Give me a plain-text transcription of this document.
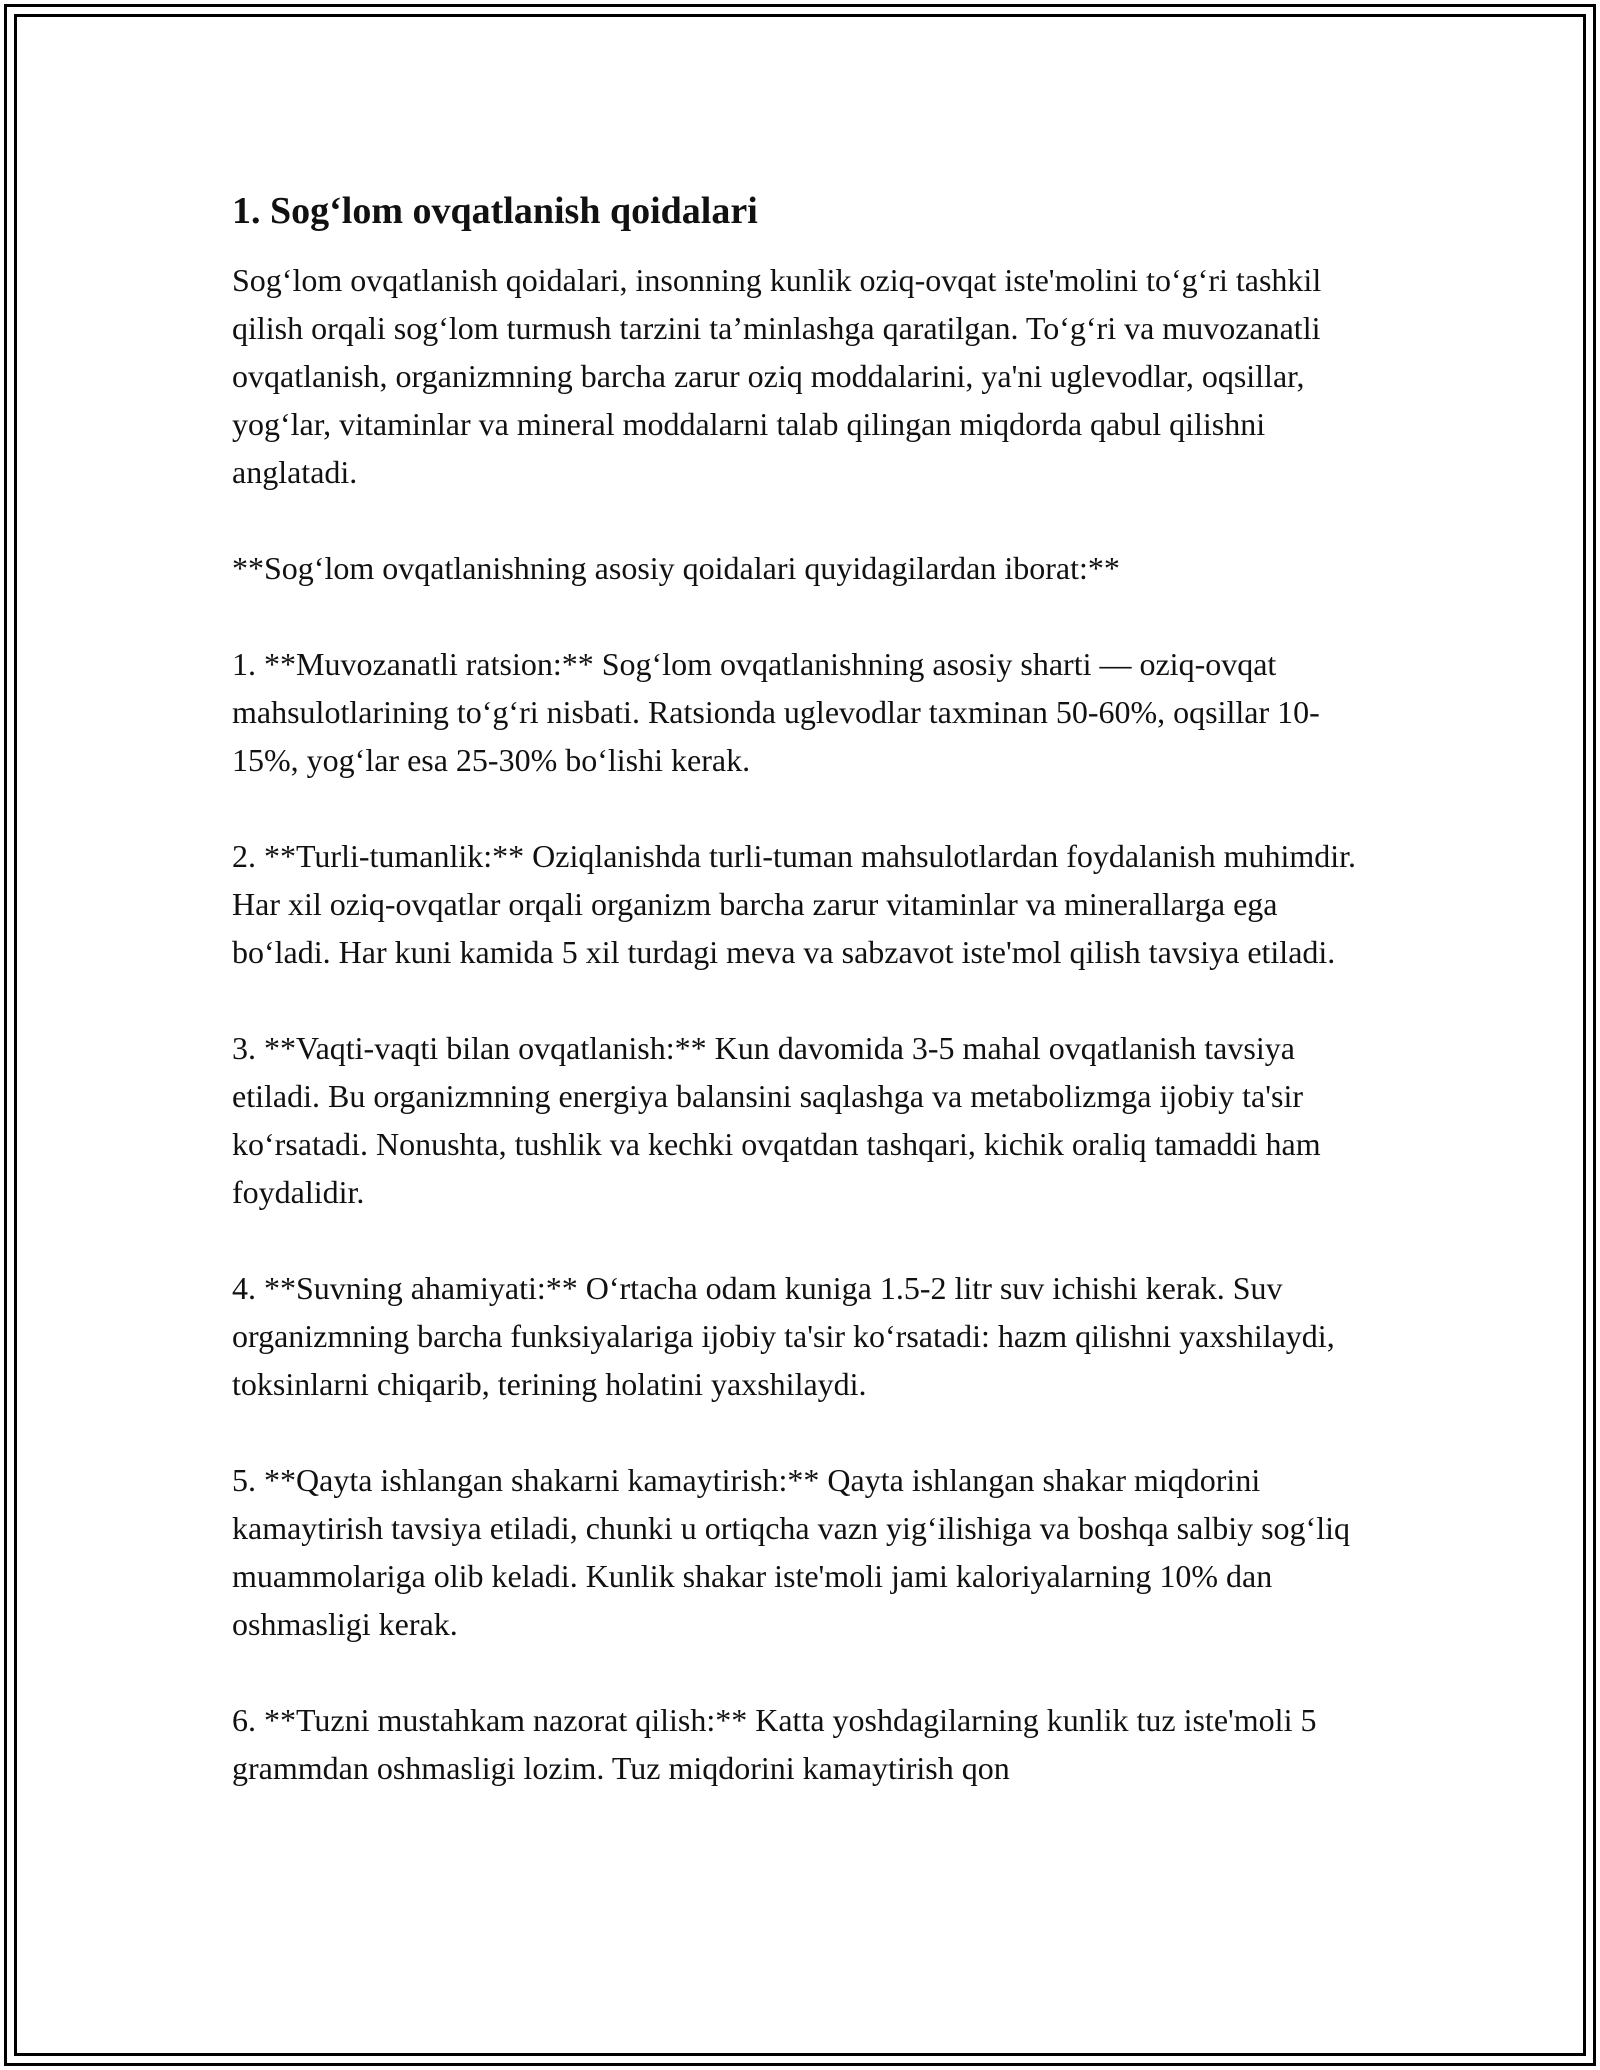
1. Sog‘lom ovqatlanish qoidalari

Sog‘lom ovqatlanish qoidalari, insonning kunlik oziq-ovqat iste'molini to‘g‘ri tashkil qilish orqali sog‘lom turmush tarzini ta’minlashga qaratilgan. To‘g‘ri va muvozanatli ovqatlanish, organizmning barcha zarur oziq moddalarini, ya'ni uglevodlar, oqsillar, yog‘lar, vitaminlar va mineral moddalarni talab qilingan miqdorda qabul qilishni anglatadi.

**Sog‘lom ovqatlanishning asosiy qoidalari quyidagilardan iborat:**

1. **Muvozanatli ratsion:** Sog‘lom ovqatlanishning asosiy sharti — oziq-ovqat mahsulotlarining to‘g‘ri nisbati. Ratsionda uglevodlar taxminan 50-60%, oqsillar 10-15%, yog‘lar esa 25-30% bo‘lishi kerak.

2. **Turli-tumanlik:** Oziqlanishda turli-tuman mahsulotlardan foydalanish muhimdir. Har xil oziq-ovqatlar orqali organizm barcha zarur vitaminlar va minerallarga ega bo‘ladi. Har kuni kamida 5 xil turdagi meva va sabzavot iste'mol qilish tavsiya etiladi.

3. **Vaqti-vaqti bilan ovqatlanish:** Kun davomida 3-5 mahal ovqatlanish tavsiya etiladi. Bu organizmning energiya balansini saqlashga va metabolizmga ijobiy ta'sir ko‘rsatadi. Nonushta, tushlik va kechki ovqatdan tashqari, kichik oraliq tamaddi ham foydalidir.

4. **Suvning ahamiyati:** O‘rtacha odam kuniga 1.5-2 litr suv ichishi kerak. Suv organizmning barcha funksiyalariga ijobiy ta'sir ko‘rsatadi: hazm qilishni yaxshilaydi, toksinlarni chiqarib, terining holatini yaxshilaydi.

5. **Qayta ishlangan shakarni kamaytirish:** Qayta ishlangan shakar miqdorini kamaytirish tavsiya etiladi, chunki u ortiqcha vazn yig‘ilishiga va boshqa salbiy sog‘liq muammolariga olib keladi. Kunlik shakar iste'moli jami kaloriyalarning 10% dan oshmasligi kerak.

6. **Tuzni mustahkam nazorat qilish:** Katta yoshdagilarning kunlik tuz iste'moli 5 grammdan oshmasligi lozim. Tuz miqdorini kamaytirish qon
